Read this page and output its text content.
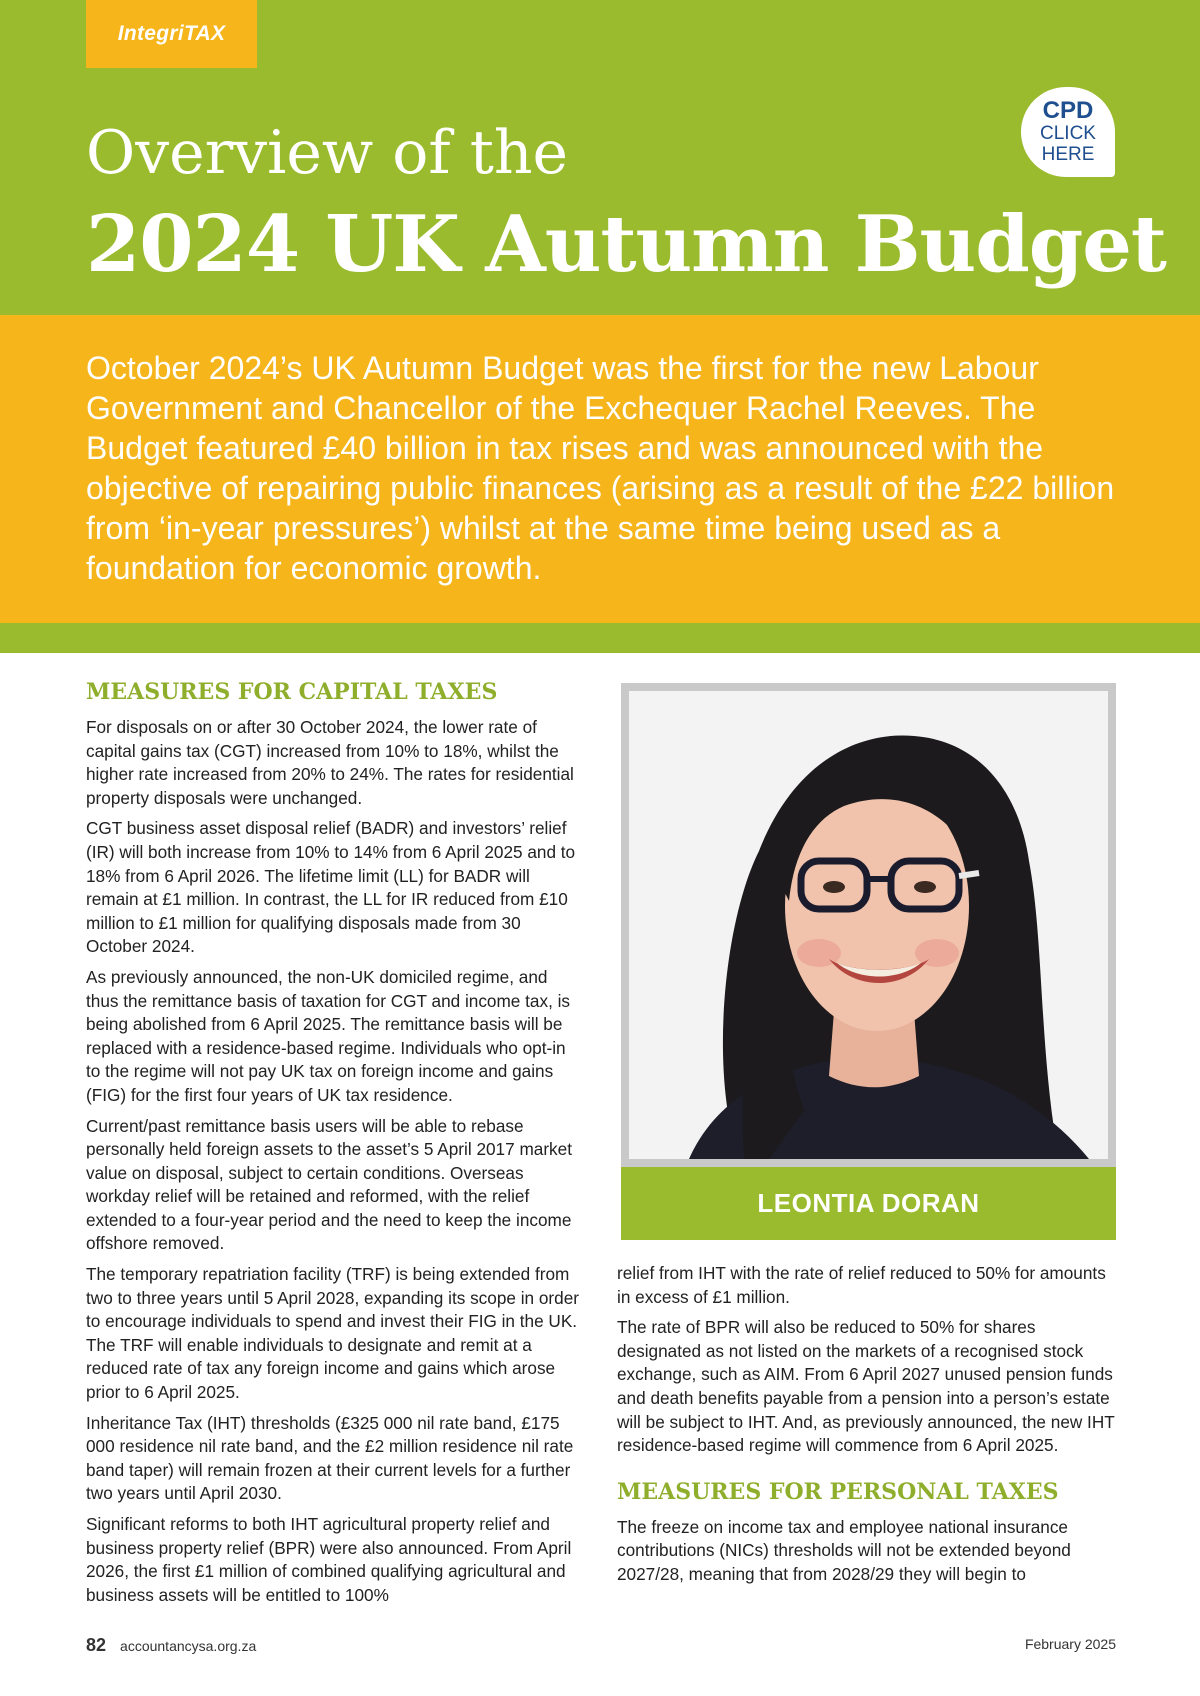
IntegriTAX
CPD
CLICK
HERE
Overview of the
2024 UK Autumn Budget
October 2024’s UK Autumn Budget was the first for the new Labour Government and Chancellor of the Exchequer Rachel Reeves. The Budget featured £40 billion in tax rises and was announced with the objective of repairing public finances (arising as a result of the £22 billion from ‘in-year pressures’) whilst at the same time being used as a foundation for economic growth.
MEASURES FOR CAPITAL TAXES

For disposals on or after 30 October 2024, the lower rate of capital gains tax (CGT) increased from 10% to 18%, whilst the higher rate increased from 20% to 24%. The rates for residential property disposals were unchanged.

CGT business asset disposal relief (BADR) and investors’ relief (IR) will both increase from 10% to 14% from 6 April 2025 and to 18% from 6 April 2026. The lifetime limit (LL) for BADR will remain at £1 million. In contrast, the LL for IR reduced from £10 million to £1 million for qualifying disposals made from 30 October 2024.

As previously announced, the non-UK domiciled regime, and thus the remittance basis of taxation for CGT and income tax, is being abolished from 6 April 2025. The remittance basis will be replaced with a residence-based regime. Individuals who opt-in to the regime will not pay UK tax on foreign income and gains (FIG) for the first four years of UK tax residence.

Current/past remittance basis users will be able to rebase personally held foreign assets to the asset’s 5 April 2017 market value on disposal, subject to certain conditions. Overseas workday relief will be retained and reformed, with the relief extended to a four-year period and the need to keep the income offshore removed.

The temporary repatriation facility (TRF) is being extended from two to three years until 5 April 2028, expanding its scope in order to encourage individuals to spend and invest their FIG in the UK. The TRF will enable individuals to designate and remit at a reduced rate of tax any foreign income and gains which arose prior to 6 April 2025.

Inheritance Tax (IHT) thresholds (£325 000 nil rate band, £175 000 residence nil rate band, and the £2 million residence nil rate band taper) will remain frozen at their current levels for a further two years until April 2030.

Significant reforms to both IHT agricultural property relief and business property relief (BPR) were also announced. From April 2026, the first £1 million of combined qualifying agricultural and business assets will be entitled to 100%

LEONTIA DORAN

relief from IHT with the rate of relief reduced to 50% for amounts in excess of £1 million.

The rate of BPR will also be reduced to 50% for shares designated as not listed on the markets of a recognised stock exchange, such as AIM. From 6 April 2027 unused pension funds and death benefits payable from a pension into a person’s estate will be subject to IHT. And, as previously announced, the new IHT residence-based regime will commence from 6 April 2025.

MEASURES FOR PERSONAL TAXES

The freeze on income tax and employee national insurance contributions (NICs) thresholds will not be extended beyond 2027/28, meaning that from 2028/29 they will begin to

82 accountancysa.org.za	February 2025
